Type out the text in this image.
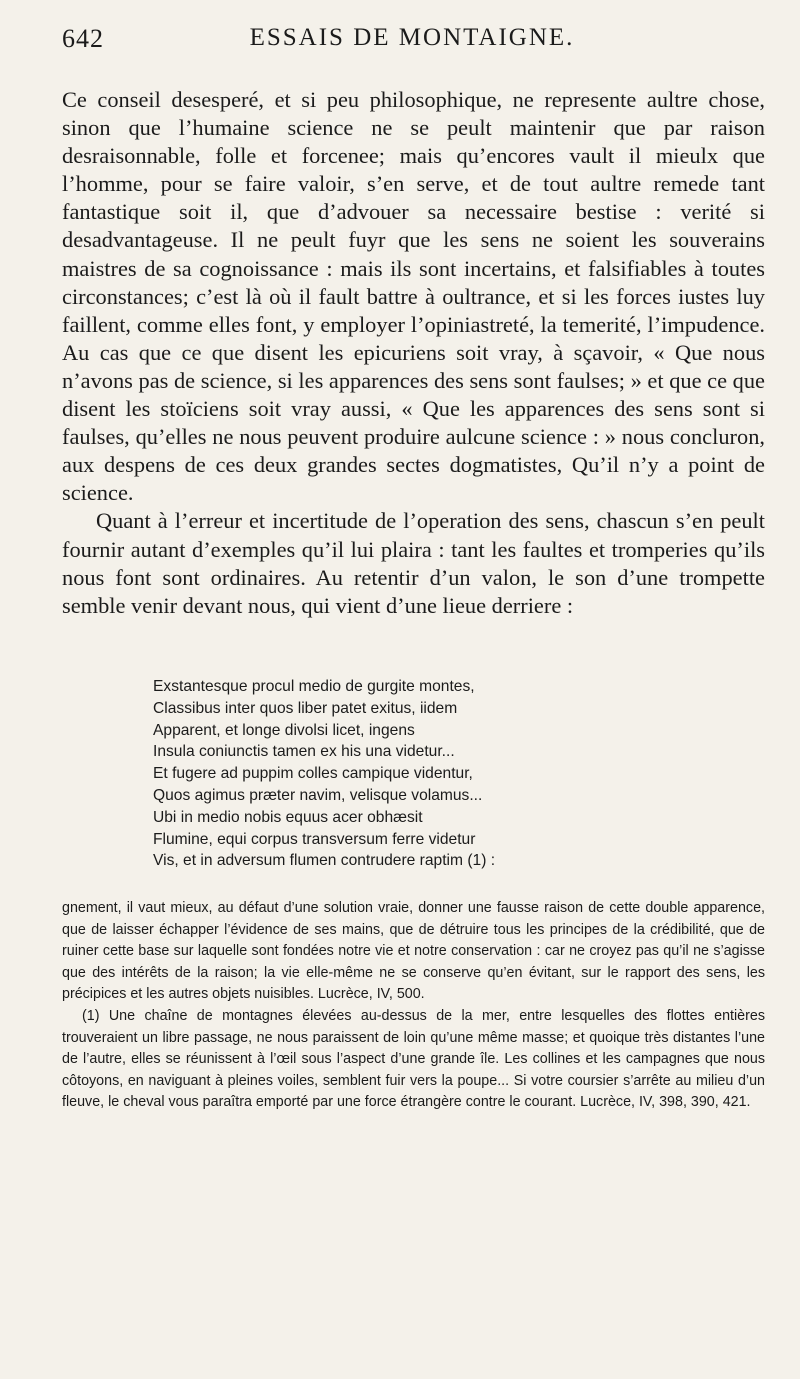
642	ESSAIS DE MONTAIGNE.

Ce conseil desesperé, et si peu philosophique, ne represente aultre chose, sinon que l’humaine science ne se peult maintenir que par raison desraisonnable, folle et forcenee; mais qu’encores vault il mieulx que l’homme, pour se faire valoir, s’en serve, et de tout aultre remede tant fantastique soit il, que d’advouer sa necessaire bestise : verité si desadvantageuse. Il ne peult fuyr que les sens ne soient les souverains maistres de sa cognoissance : mais ils sont incertains, et falsifiables à toutes circonstances; c’est là où il fault battre à oultrance, et si les forces iustes luy faillent, comme elles font, y employer l’opiniastreté, la temerité, l’impudence. Au cas que ce que disent les epicuriens soit vray, à sçavoir, « Que nous n’avons pas de science, si les apparences des sens sont faulses; » et que ce que disent les stoïciens soit vray aussi, « Que les apparences des sens sont si faulses, qu’elles ne nous peuvent produire aulcune science : » nous concluron, aux despens de ces deux grandes sectes dogmatistes, Qu’il n’y a point de science.

Quant à l’erreur et incertitude de l’operation des sens, chascun s’en peult fournir autant d’exemples qu’il lui plaira : tant les faultes et tromperies qu’ils nous font sont ordinaires. Au retentir d’un valon, le son d’une trompette semble venir devant nous, qui vient d’une lieue derriere :

Exstantesque procul medio de gurgite montes,
Classibus inter quos liber patet exitus, iidem
Apparent, et longe divolsi licet, ingens
Insula coniunctis tamen ex his una videtur...
Et fugere ad puppim colles campique videntur,
Quos agimus præter navim, velisque volamus...
Ubi in medio nobis equus acer obhæsit
Flumine, equi corpus transversum ferre videtur
Vis, et in adversum flumen contrudere raptim (1) :

gnement, il vaut mieux, au défaut d’une solution vraie, donner une fausse raison de cette double apparence, que de laisser échapper l’évidence de ses mains, que de détruire tous les principes de la crédibilité, que de ruiner cette base sur laquelle sont fondées notre vie et notre conservation : car ne croyez pas qu’il ne s’agisse que des intérêts de la raison; la vie elle-même ne se conserve qu’en évitant, sur le rapport des sens, les précipices et les autres objets nuisibles. Lucrèce, IV, 500.

(1) Une chaîne de montagnes élevées au-dessus de la mer, entre lesquelles des flottes entières trouveraient un libre passage, ne nous paraissent de loin qu’une même masse; et quoique très distantes l’une de l’autre, elles se réunissent à l’œil sous l’aspect d’une grande île. Les collines et les campagnes que nous côtoyons, en naviguant à pleines voiles, semblent fuir vers la poupe... Si votre coursier s’arrête au milieu d’un fleuve, le cheval vous paraîtra emporté par une force étrangère contre le courant. Lucrèce, IV, 398, 390, 421.
